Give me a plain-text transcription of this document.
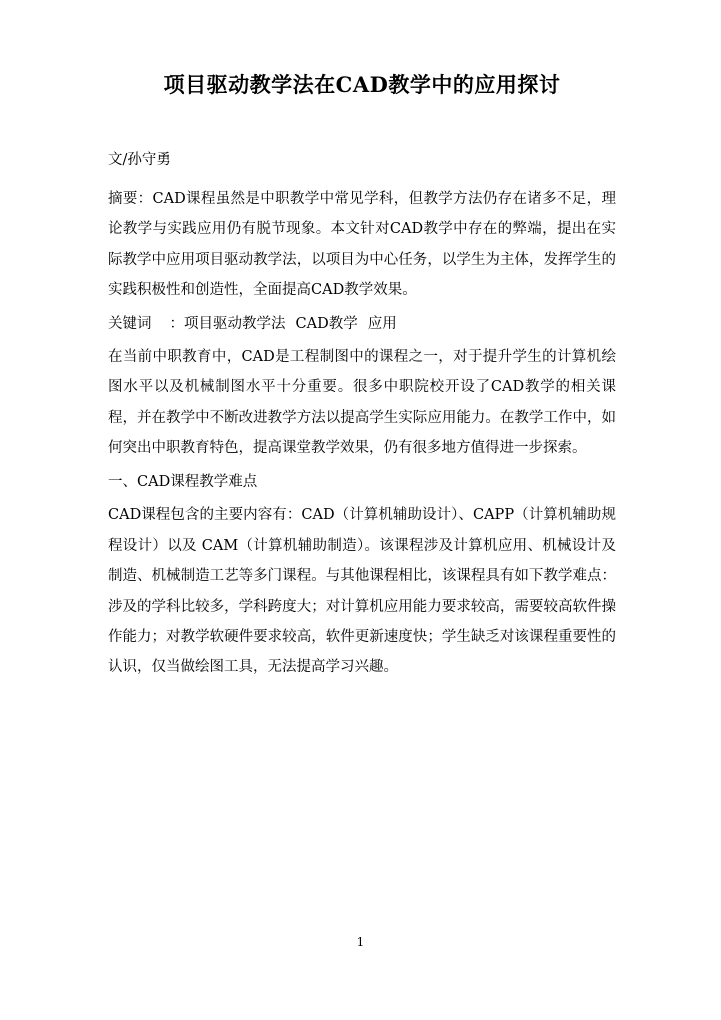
项目驱动教学法在CAD教学中的应用探讨

文/孙守勇

摘要：CAD课程虽然是中职教学中常见学科，但教学方法仍存在诸多不足，理论教学与实践应用仍有脱节现象。本文针对CAD教学中存在的弊端，提出在实际教学中应用项目驱动教学法，以项目为中心任务，以学生为主体，发挥学生的实践积极性和创造性，全面提高CAD教学效果。

关键词 ：项目驱动教学法 CAD教学 应用

在当前中职教育中，CAD是工程制图中的课程之一，对于提升学生的计算机绘图水平以及机械制图水平十分重要。很多中职院校开设了CAD教学的相关课程，并在教学中不断改进教学方法以提高学生实际应用能力。在教学工作中，如何突出中职教育特色，提高课堂教学效果，仍有很多地方值得进一步探索。

一、CAD课程教学难点

CAD课程包含的主要内容有：CAD（计算机辅助设计）、CAPP（计算机辅助规程设计）以及 CAM（计算机辅助制造）。该课程涉及计算机应用、机械设计及制造、机械制造工艺等多门课程。与其他课程相比，该课程具有如下教学难点：涉及的学科比较多，学科跨度大；对计算机应用能力要求较高，需要较高软件操作能力；对教学软硬件要求较高，软件更新速度快；学生缺乏对该课程重要性的认识，仅当做绘图工具，无法提高学习兴趣。

1
